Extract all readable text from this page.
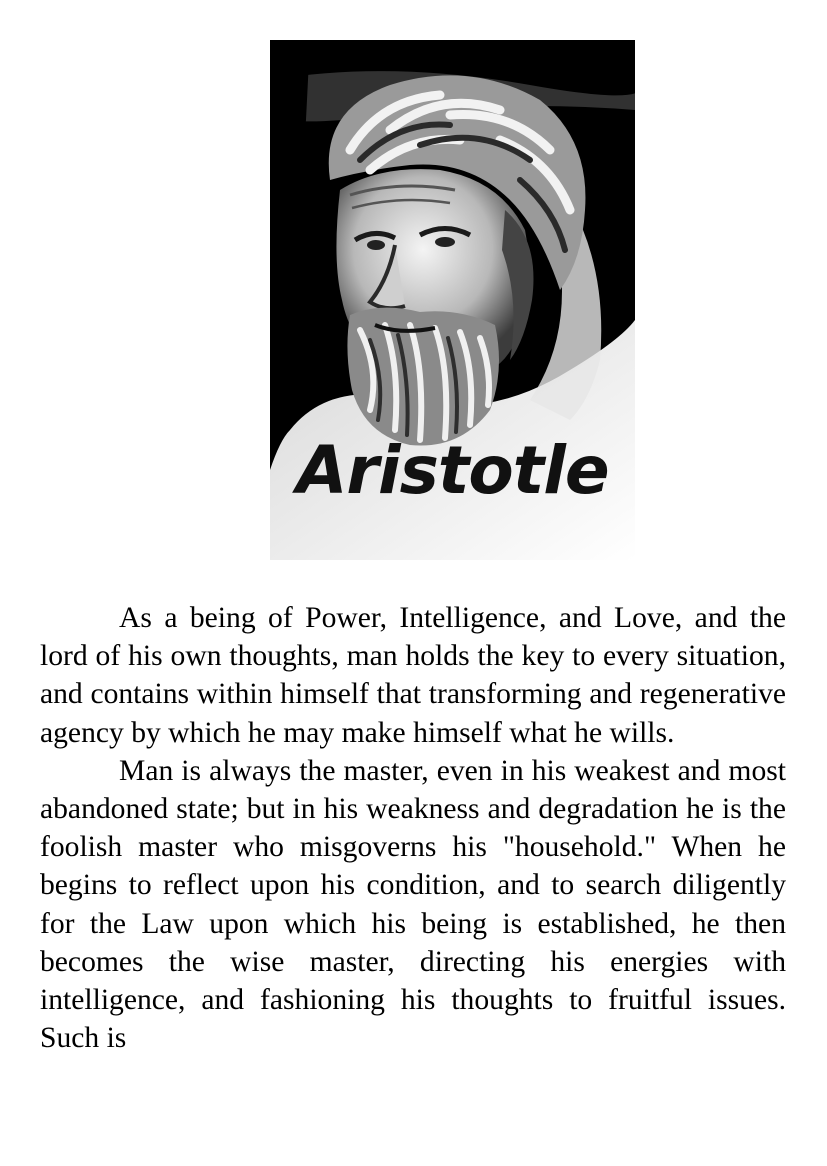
Aristotle

As a being of Power, Intelligence, and Love, and the lord of his own thoughts, man holds the key to every situation, and contains within himself that transforming and regenerative agency by which he may make himself what he wills.

Man is always the master, even in his weakest and most abandoned state; but in his weakness and degradation he is the foolish master who misgoverns his "household." When he begins to reflect upon his condition, and to search diligently for the Law upon which his being is established, he then becomes the wise master, directing his energies with intelligence, and fashioning his thoughts to fruitful issues. Such is
